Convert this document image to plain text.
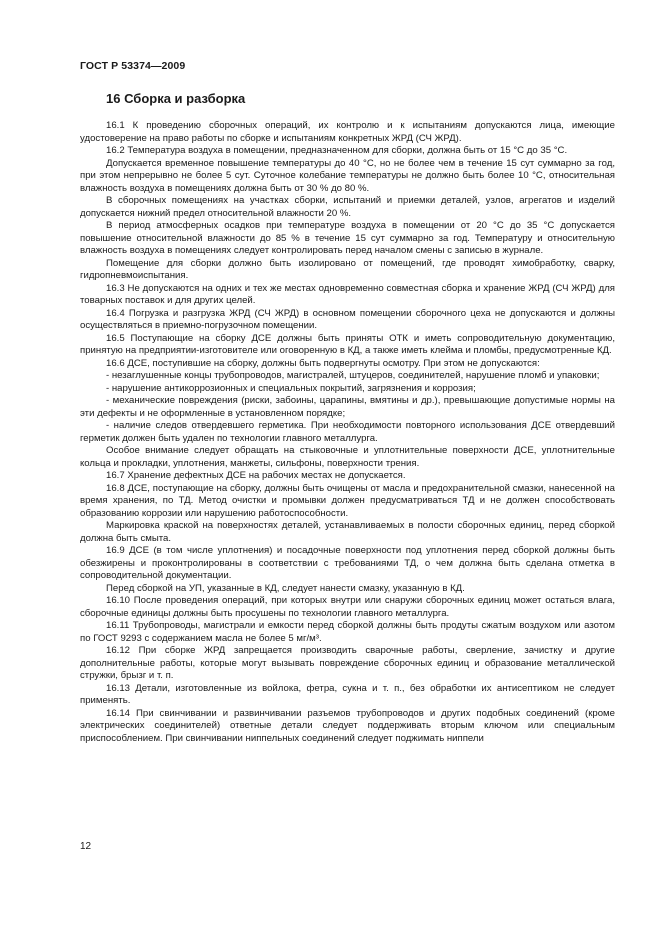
ГОСТ Р 53374—2009
16 Сборка и разборка

16.1 К проведению сборочных операций, их контролю и к испытаниям допускаются лица, имеющие удостоверение на право работы по сборке и испытаниям конкретных ЖРД (СЧ ЖРД).

16.2 Температура воздуха в помещении, предназначенном для сборки, должна быть от 15 °С до 35 °С.

Допускается временное повышение температуры до 40 °С, но не более чем в течение 15 сут суммарно за год, при этом непрерывно не более 5 сут. Суточное колебание температуры не должно быть более 10 °С, относительная влажность воздуха в помещениях должна быть от 30 % до 80 %.

В сборочных помещениях на участках сборки, испытаний и приемки деталей, узлов, агрегатов и изделий допускается нижний предел относительной влажности 20 %.

В период атмосферных осадков при температуре воздуха в помещении от 20 °С до 35 °С допускается повышение относительной влажности до 85 % в течение 15 сут суммарно за год. Температуру и относительную влажность воздуха в помещениях следует контролировать перед началом смены с записью в журнале.

Помещение для сборки должно быть изолировано от помещений, где проводят химобработку, сварку, гидропневмоиспытания.

16.3 Не допускаются на одних и тех же местах одновременно совместная сборка и хранение ЖРД (СЧ ЖРД) для товарных поставок и для других целей.

16.4 Погрузка и разгрузка ЖРД (СЧ ЖРД) в основном помещении сборочного цеха не допускаются и должны осуществляться в приемно-погрузочном помещении.

16.5 Поступающие на сборку ДСЕ должны быть приняты ОТК и иметь сопроводительную документацию, принятую на предприятии-изготовителе или оговоренную в КД, а также иметь клейма и пломбы, предусмотренные КД.

16.6 ДСЕ, поступившие на сборку, должны быть подвергнуты осмотру. При этом не допускаются:

- незаглушенные концы трубопроводов, магистралей, штуцеров, соединителей, нарушение пломб и упаковки;

- нарушение антикоррозионных и специальных покрытий, загрязнения и коррозия;

- механические повреждения (риски, забоины, царапины, вмятины и др.), превышающие допустимые нормы на эти дефекты и не оформленные в установленном порядке;

- наличие следов отвердевшего герметика. При необходимости повторного использования ДСЕ отвердевший герметик должен быть удален по технологии главного металлурга.

Особое внимание следует обращать на стыковочные и уплотнительные поверхности ДСЕ, уплотнительные кольца и прокладки, уплотнения, манжеты, сильфоны, поверхности трения.

16.7 Хранение дефектных ДСЕ на рабочих местах не допускается.

16.8 ДСЕ, поступающие на сборку, должны быть очищены от масла и предохранительной смазки, нанесенной на время хранения, по ТД. Метод очистки и промывки должен предусматриваться ТД и не должен способствовать образованию коррозии или нарушению работоспособности.

Маркировка краской на поверхностях деталей, устанавливаемых в полости сборочных единиц, перед сборкой должна быть смыта.

16.9 ДСЕ (в том числе уплотнения) и посадочные поверхности под уплотнения перед сборкой должны быть обезжирены и проконтролированы в соответствии с требованиями ТД, о чем должна быть сделана отметка в сопроводительной документации.

Перед сборкой на УП, указанные в КД, следует нанести смазку, указанную в КД.

16.10 После проведения операций, при которых внутри или снаружи сборочных единиц может остаться влага, сборочные единицы должны быть просушены по технологии главного металлурга.

16.11 Трубопроводы, магистрали и емкости перед сборкой должны быть продуты сжатым воздухом или азотом по ГОСТ 9293 с содержанием масла не более 5 мг/м³.

16.12 При сборке ЖРД запрещается производить сварочные работы, сверление, зачистку и другие дополнительные работы, которые могут вызывать повреждение сборочных единиц и образование металлической стружки, брызг и т. п.

16.13 Детали, изготовленные из войлока, фетра, сукна и т. п., без обработки их антисептиком не следует применять.

16.14 При свинчивании и развинчивании разъемов трубопроводов и других подобных соединений (кроме электрических соединителей) ответные детали следует поддерживать вторым ключом или специальным приспособлением. При свинчивании ниппельных соединений следует поджимать ниппели

12
